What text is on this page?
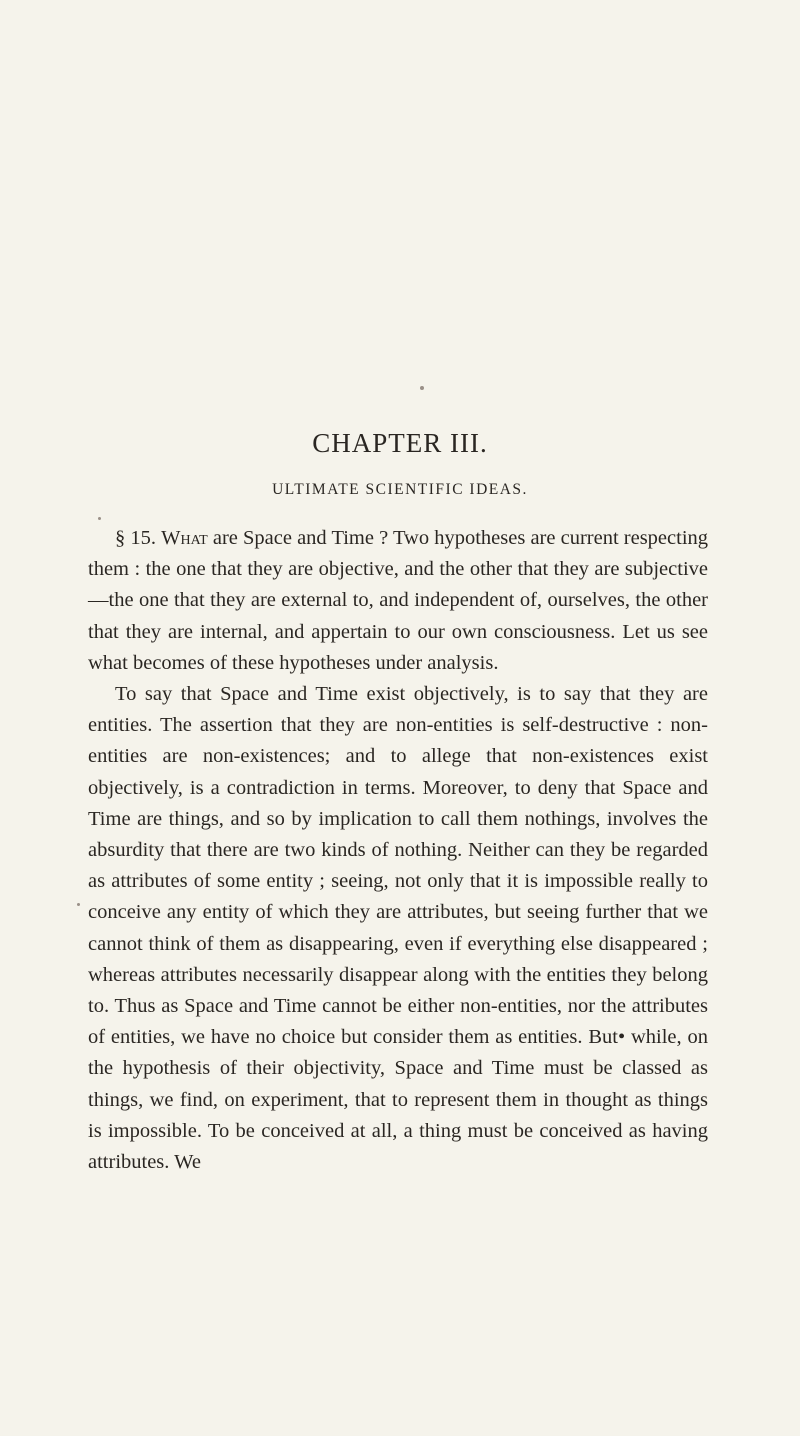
CHAPTER III.
ULTIMATE SCIENTIFIC IDEAS.

§ 15. What are Space and Time ? Two hypotheses are current respecting them : the one that they are objective, and the other that they are subjective—the one that they are external to, and independent of, ourselves, the other that they are internal, and appertain to our own consciousness. Let us see what becomes of these hypotheses under analysis.

To say that Space and Time exist objectively, is to say that they are entities. The assertion that they are non-entities is self-destructive : non-entities are non-existences; and to allege that non-existences exist objectively, is a contradiction in terms. Moreover, to deny that Space and Time are things, and so by implication to call them nothings, involves the absurdity that there are two kinds of nothing. Neither can they be regarded as attributes of some entity ; seeing, not only that it is impossible really to conceive any entity of which they are attributes, but seeing further that we cannot think of them as disappearing, even if everything else disappeared ; whereas attributes necessarily disappear along with the entities they belong to. Thus as Space and Time cannot be either non-entities, nor the attributes of entities, we have no choice but consider them as entities. But• while, on the hypothesis of their objectivity, Space and Time must be classed as things, we find, on experiment, that to represent them in thought as things is impossible. To be conceived at all, a thing must be conceived as having attributes. We
